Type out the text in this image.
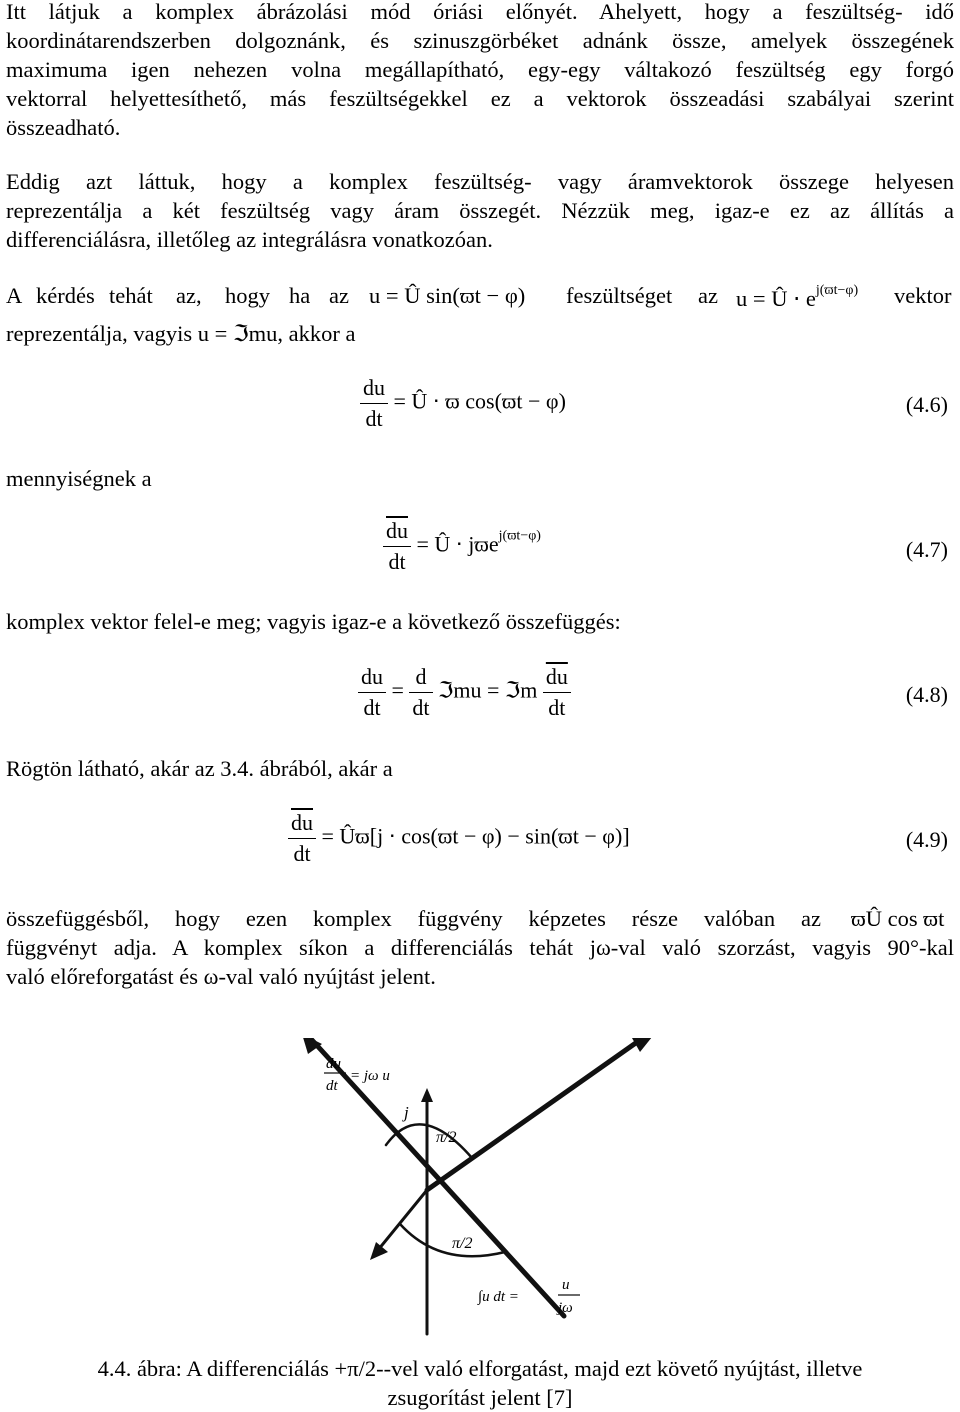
Itt látjuk a komplex ábrázolási mód óriási előnyét. Ahelyett, hogy a feszültség- idő
koordinátarendszerben dolgoznánk, és szinuszgörbéket adnánk össze, amelyek összegének
maximuma igen nehezen volna megállapítható, egy-egy váltakozó feszültség egy forgó
vektorral helyettesíthető, más feszültségekkel ez a vektorok összeadási szabályai szerint
összeadható.
Eddig azt láttuk, hogy a komplex feszültség- vagy áramvektorok összege helyesen
reprezentálja a két feszültség vagy áram összegét. Nézzük meg, igaz-e ez az állítás a
differenciálásra, illetőleg az integrálásra vonatkozóan.
A kérdés tehát az, hogy ha az u = Û sin(ϖt − φ) feszültséget az u = Û ⋅ $e^{j(ϖt-\varphi)}$ vektor
reprezentálja, vagyis u = ℑmu, akkor a
$\frac{du}{dt}$ = Û ⋅ ϖ cos(ϖt − φ)	(4.6)
mennyiségnek a
$\frac{\overline{du}}{dt}$ = Û ⋅ jϖe$^{j(ϖt-\varphi)}$
(4.7)
komplex vektor felel-e meg; vagyis igaz-e a következő összefüggés:
$\frac{du}{dt} = \frac{d}{dt}$ ℑmu = ℑm $\frac{\overline{du}}{dt}$	(4.8)
Rögtön látható, akár az 3.4. ábrából, akár a
$\frac{\overline{du}}{dt}$ = Ûϖ[j ⋅ cos(ϖt − φ) − sin(ϖt − φ)]	(4.9)
összefüggésből, hogy ezen komplex függvény képzetes része valóban az ϖÛ cos ϖt
függvényt adja. A komplex síkon a differenciálás tehát jω-val való szorzást, vagyis 90°-kal
való előreforgatást és ω-val való nyújtást jelent.
du
dt
= jω u
j
π/2
π/2
∫u dt =
u
jω
4.4. ábra: A differenciálás +π/2--vel való elforgatást, majd ezt követő nyújtást, illetve
zsugorítást jelent [7]
